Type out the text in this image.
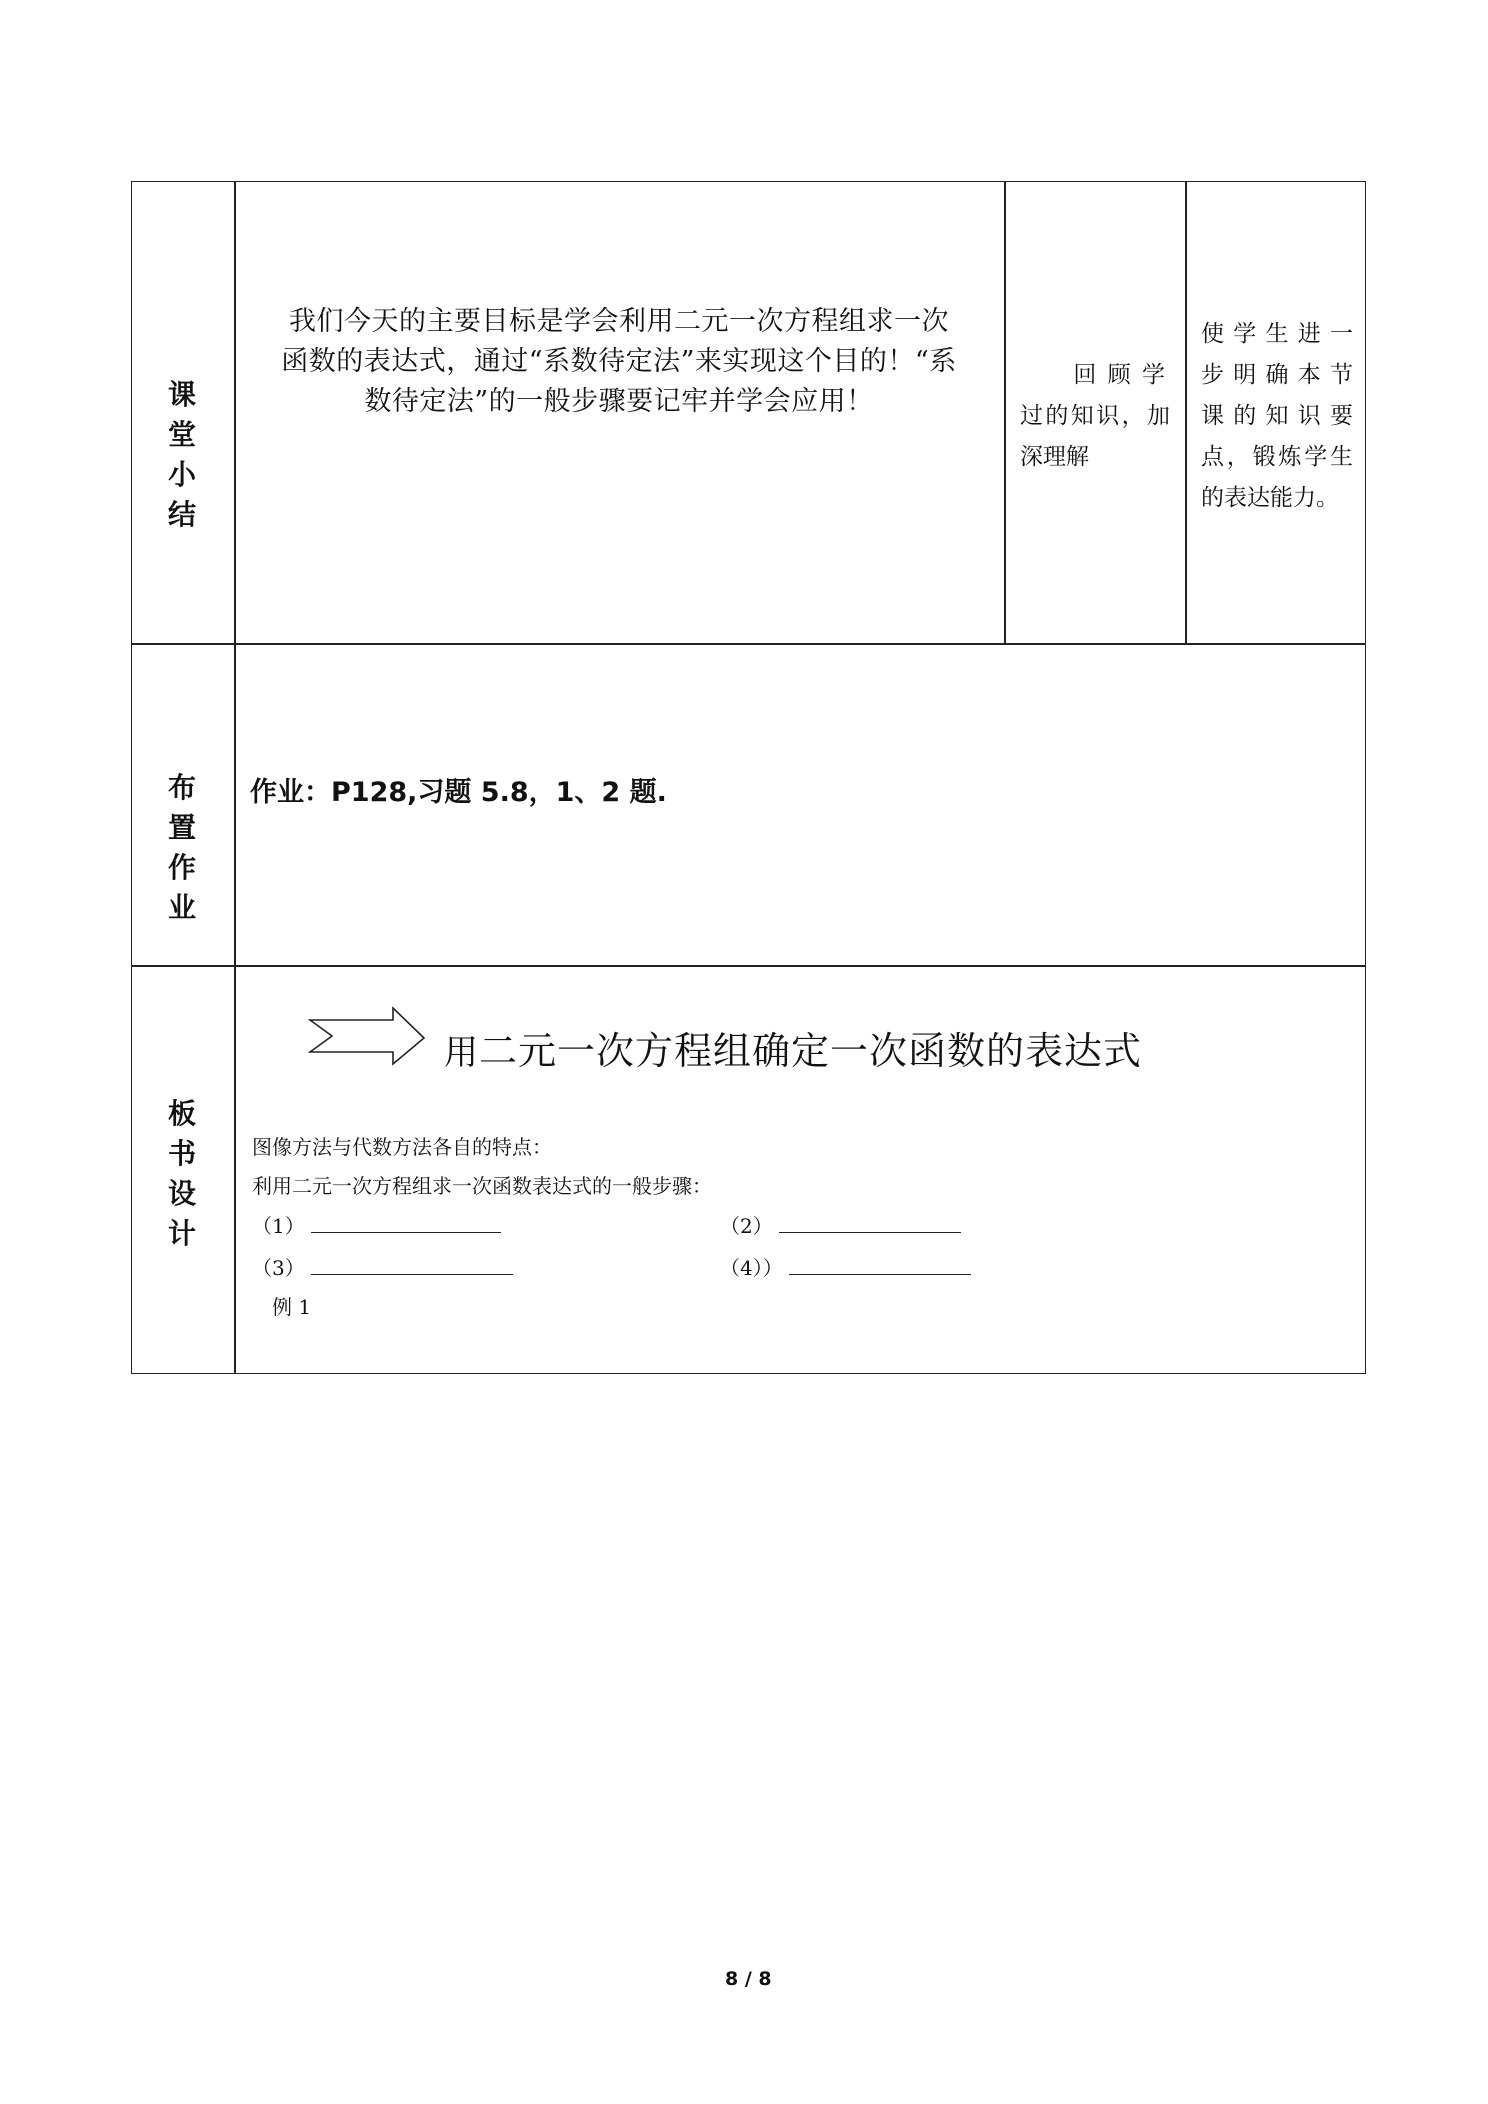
课堂
小结
我们今天的主要目标是学会利用二元一次方程组求一次
函数的表达式，通过“系数待定法”来实现这个目的！“系
数待定法”的一般步骤要记牢并学会应用！
回 顾 学
过的知识，加
深理解
使学生进一
步明确本节
课的知识要
点，锻炼学生
的表达能力。
布置
作业
作业：P128,习题 5.8，1、2 题.
板书
设计
用二元一次方程组确定一次函数的表达式
图像方法与代数方法各自的特点：
利用二元一次方程组求一次函数表达式的一般步骤：
（1）	（2）
（3）	（4））
例 1
8 / 8
